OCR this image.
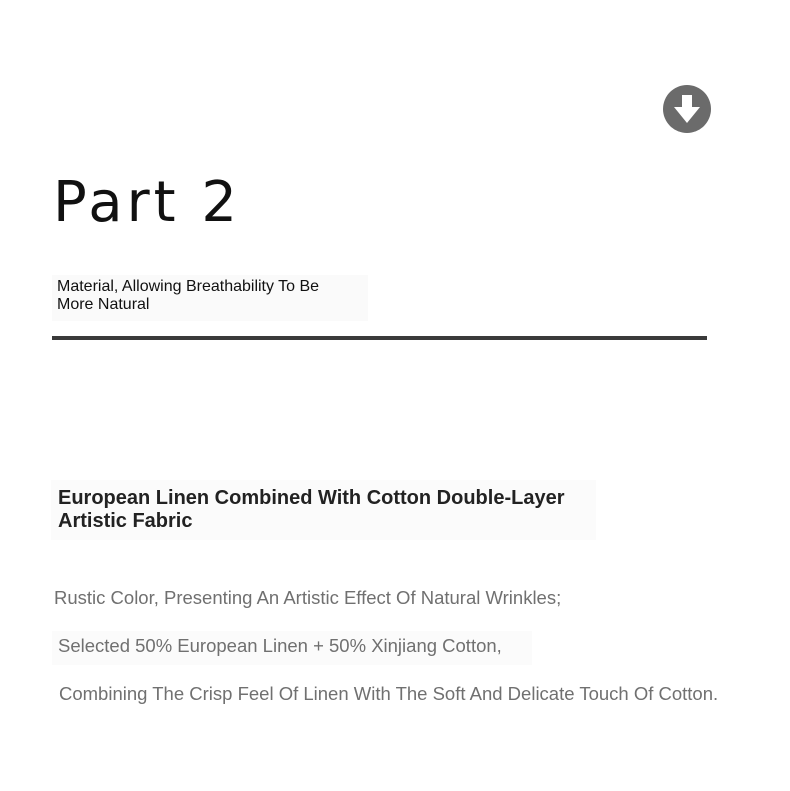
Part 2

Material, Allowing Breathability To Be More Natural

European Linen Combined With Cotton Double-Layer Artistic Fabric

Rustic Color, Presenting An Artistic Effect Of Natural Wrinkles;

Selected 50% European Linen + 50% Xinjiang Cotton,

Combining The Crisp Feel Of Linen With The Soft And Delicate Touch Of Cotton.
